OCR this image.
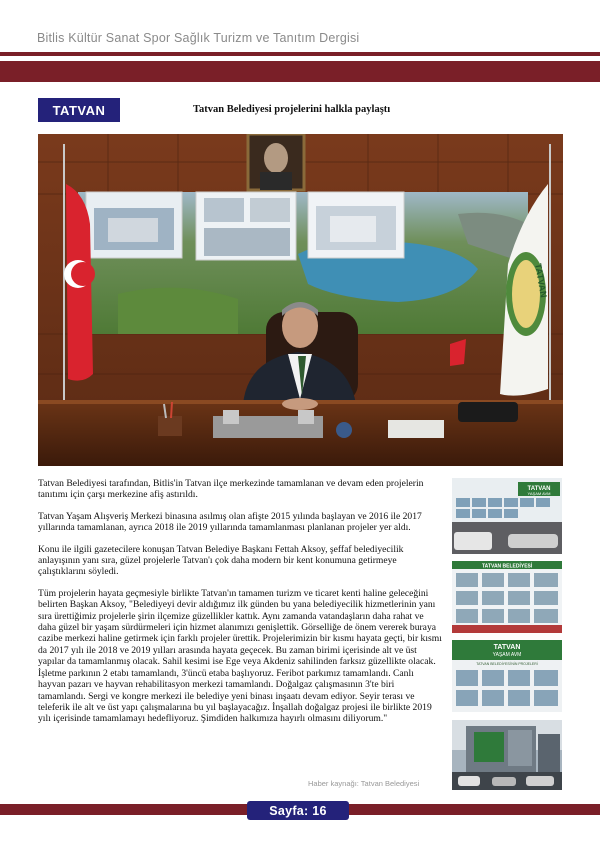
Bitlis Kültür Sanat Spor Sağlık Turizm ve Tanıtım Dergisi
TATVAN	Tatvan Belediyesi projelerini halkla paylaştı
TATVAN
TATVAN
YAŞAM AVM
TATVAN BELEDİYESİ
TATVAN
YAŞAM AVM
TATVAN BELEDİYESİ'NİN PROJELERİ

Tatvan Belediyesi tarafından, Bitlis'in Tatvan ilçe merkezinde tamamlanan ve devam eden projelerin tanıtımı için çarşı merkezine afiş astırıldı.

Tatvan Yaşam Alışveriş Merkezi binasına asılmış olan afişte 2015 yılında başlayan ve 2016 ile 2017 yıllarında tamamlanan, ayrıca 2018 ile 2019 yıllarında tamamlanması planlanan projeler yer aldı.

Konu ile ilgili gazetecilere konuşan Tatvan Belediye Başkanı Fettah Aksoy, şeffaf belediyecilik anlayışının yanı sıra, güzel projelerle Tatvan'ı çok daha modern bir kent konumuna getirmeye çalıştıklarını söyledi.

Tüm projelerin hayata geçmesiyle birlikte Tatvan'ın tamamen turizm ve ticaret kenti haline geleceğini belirten Başkan Aksoy, "Belediyeyi devir aldığımız ilk günden bu yana belediyecilik hizmetlerinin yanı sıra ürettiğimiz projelerle şirin ilçemize güzellikler kattık. Aynı zamanda vatandaşların daha rahat ve daha güzel bir yaşam sürdürmeleri için hizmet alanımızı genişlettik. Görselliğe de önem vererek buraya cazibe merkezi haline getirmek için farklı projeler ürettik. Projelerimizin bir kısmı hayata geçti, bir kısmı da 2017 yılı ile 2018 ve 2019 yılları arasında hayata geçecek. Bu zaman birimi içerisinde alt ve üst yapılar da tamamlanmış olacak. Sahil kesimi ise Ege veya Akdeniz sahilinden farksız güzellikte olacak. İşletme parkının 2 etabı tamamlandı, 3'üncü etaba başlıyoruz. Feribot parkımız tamamlandı. Canlı hayvan pazarı ve hayvan rehabilitasyon merkezi tamamlandı. Doğalgaz çalışmasının 3'te biri tamamlandı. Sergi ve kongre merkezi ile belediye yeni binası inşaatı devam ediyor. Seyir terası ve teleferik ile alt ve üst yapı çalışmalarına bu yıl başlayacağız. İnşallah doğalgaz projesi ile birlikte 2019 yılı içerisinde tamamlamayı hedefliyoruz. Şimdiden halkımıza hayırlı olmasını diliyorum."

Haber kaynağı: Tatvan Belediyesi
Sayfa: 16
